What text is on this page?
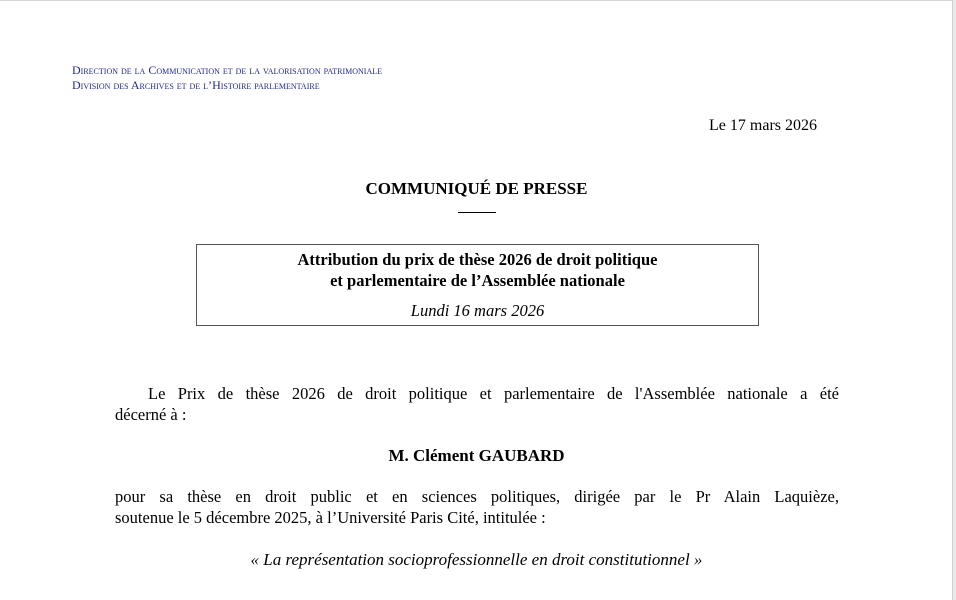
Direction de la Communication et de la valorisation patrimoniale
Division des Archives et de l’Histoire parlementaire
Le 17 mars 2026
COMMUNIQUÉ DE PRESSE
Attribution du prix de thèse 2026 de droit politique
et parlementaire de l’Assemblée nationale
Lundi 16 mars 2026
Le Prix de thèse 2026 de droit politique et parlementaire de l'Assemblée nationale a été
décerné à :
M. Clément GAUBARD
pour sa thèse en droit public et en sciences politiques, dirigée par le Pr Alain Laquièze,
soutenue le 5 décembre 2025, à l’Université Paris Cité, intitulée :
« La représentation socioprofessionnelle en droit constitutionnel »
